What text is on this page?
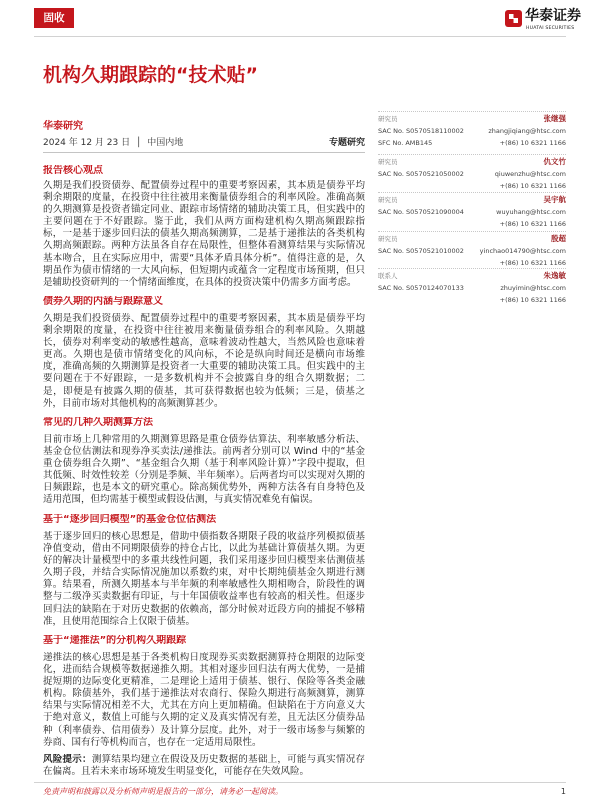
固收	华泰证券
HUATAI SECURITIES
机构久期跟踪的“技术贴”
华泰研究
2024 年 12 月 23 日 │ 中国内地	专题研究
报告核心观点

久期是我们投资债券、配置债券过程中的重要考察因素，其本质是债券平均剩余期限的度量，在投资中往往被用来衡量债券组合的利率风险。准确高频的久期测算是投资者锚定同业、跟踪市场情绪的辅助决策工具，但实践中的主要问题在于不好跟踪。鉴于此，我们从两方面构建机构久期高频跟踪指标，一是基于逐步回归法的债基久期高频测算，二是基于递推法的各类机构久期高频跟踪。两种方法虽各自存在局限性，但整体看测算结果与实际情况基本吻合，且在实际应用中，需要“具体矛盾具体分析”。值得注意的是，久期虽作为债市情绪的一大风向标，但短期内或蕴含一定程度市场预期，但只是辅助投资研判的一个情绪面维度，在具体的投资决策中仍需多方面考虑。

债券久期的内涵与跟踪意义

久期是我们投资债券、配置债券过程中的重要考察因素，其本质是债券平均剩余期限的度量，在投资中往往被用来衡量债券组合的利率风险。久期越长，债券对利率变动的敏感性越高，意味着波动性越大，当然风险也意味着更高。久期也是债市情绪变化的风向标，不论是纵向时间还是横向市场维度，准确高频的久期测算是投资者一大重要的辅助决策工具。但实践中的主要问题在于不好跟踪，一是多数机构并不会披露自身的组合久期数据；二是，即便是有披露久期的债基，其可获得数据也较为低频；三是，债基之外，目前市场对其他机构的高频测算甚少。

常见的几种久期测算方法

目前市场上几种常用的久期测算思路是重仓债券估算法、利率敏感分析法、基金仓位估测法和现券净买卖法/递推法。前两者分别可以 Wind 中的“基金重仓债券组合久期”、“基金组合久期（基于利率风险计算）”字段中提取，但其低频、时效性较差（分别是季频、半年频率）。后两者均可以实现对久期的日频跟踪，也是本文的研究重心。除高频优势外，两种方法各有自身特色及适用范围，但均需基于模型或假设估测，与真实情况难免有偏误。

基于“逐步回归模型”的基金仓位估测法

基于逐步回归的核心思想是，借助中债指数各期限子段的收益序列模拟债基净值变动，借由不同期限债券的持仓占比，以此为基础计算债基久期。为更好的解决计量模型中的多重共线性问题，我们采用逐步回归模型来估测债基久期子段，并结合实际情况施加以系数约束，对中长期纯债基金久期进行测算。结果看，所测久期基本与半年频的利率敏感性久期相吻合，阶段性的调整与二级净买卖数据有印证，与十年国债收益率也有较高的相关性。但逐步回归法的缺陷在于对历史数据的依赖高，部分时候对近段方向的捕捉不够精准，且使用范围综合上仅限于债基。

基于“递推法”的分机构久期跟踪

递推法的核心思想是基于各类机构日度现券买卖数据测算持仓期限的边际变化，进而结合规模等数据递推久期。其相对逐步回归法有两大优势，一是捕捉短期的边际变化更精准，二是理论上适用于债基、银行、保险等各类金融机构。除债基外，我们基于递推法对农商行、保险久期进行高频测算，测算结果与实际情况相差不大，尤其在方向上更加精确。但缺陷在于方向意义大于绝对意义，数值上可能与久期的定义及真实情况有差，且无法区分债券品种（利率债券、信用债券）及计算分层度。此外，对于一级市场参与频繁的券商、国有行等机构而言，也存在一定适用局限性。

风险提示：测算结果均建立在假设及历史数据的基础上，可能与真实情况存在偏离。且若未来市场环境发生明显变化，可能存在失效风险。

研究员	张继强
SAC No. S0570518110002	zhangjiqiang@htsc.com
SFC No. AMB145	+(86) 10 6321 1166
研究员	仇文竹
SAC No. S0570521050002	qiuwenzhu@htsc.com
+(86) 10 6321 1166
研究员	吴宇航
SAC No. S0570521090004	wuyuhang@htsc.com
+(86) 10 6321 1166
研究员	殷超
SAC No. S0570521010002 yinchao014790@htsc.com
+(86) 10 6321 1166
联系人	朱逸敏
SAC No. S0570124070133	zhuyimin@htsc.com
+(86) 10 6321 1166
免责声明和披露以及分析师声明是报告的一部分，请务必一起阅读。	1
